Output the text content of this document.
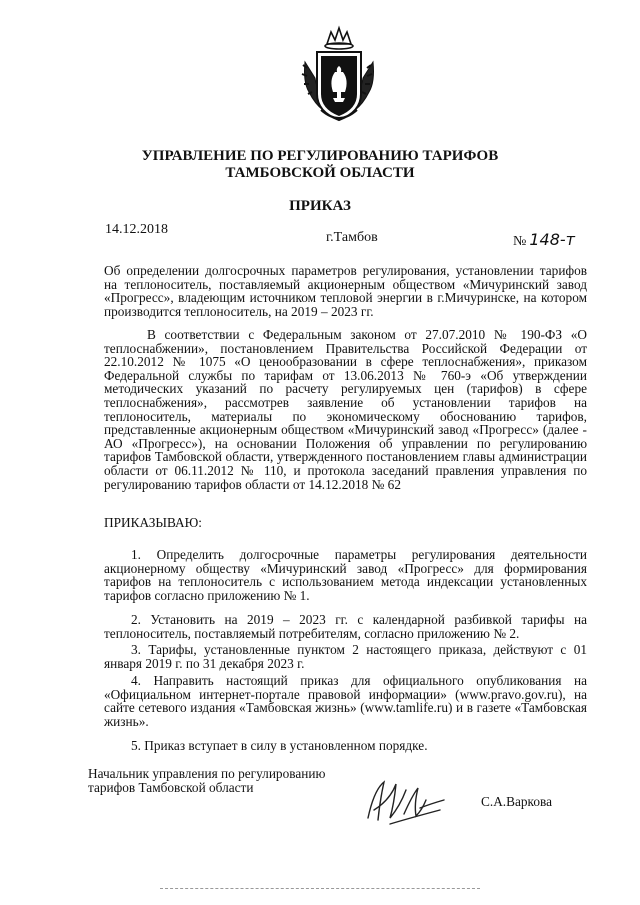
УПРАВЛЕНИЕ ПО РЕГУЛИРОВАНИЮ ТАРИФОВ
ТАМБОВСКОЙ ОБЛАСТИ
ПРИКАЗ
14.12.2018
г.Тамбов	№ 148-т

Об определении долгосрочных параметров регулирования, установлении тарифов на теплоноситель, поставляемый акционерным обществом «Мичуринский завод «Прогресс», владеющим источником тепловой энергии в г.Мичуринске, на котором производится теплоноситель, на 2019 – 2023 гг.

В соответствии с Федеральным законом от 27.07.2010 № 190-ФЗ «О теплоснабжении», постановлением Правительства Российской Федерации от 22.10.2012 № 1075 «О ценообразовании в сфере теплоснабжения», приказом Федеральной службы по тарифам от 13.06.2013 № 760-э «Об утверждении методических указаний по расчету регулируемых цен (тарифов) в сфере теплоснабжения», рассмотрев заявление об установлении тарифов на теплоноситель, материалы по экономическому обоснованию тарифов, представленные акционерным обществом «Мичуринский завод «Прогресс» (далее - АО «Прогресс»), на основании Положения об управлении по регулированию тарифов Тамбовской области, утвержденного постановлением главы администрации области от 06.11.2012 № 110, и протокола заседаний правления управления по регулированию тарифов области от 14.12.2018 № 62

ПРИКАЗЫВАЮ:

1. Определить долгосрочные параметры регулирования деятельности акционерному обществу «Мичуринский завод «Прогресс» для формирования тарифов на теплоноситель с использованием метода индексации установленных тарифов согласно приложению № 1.

2. Установить на 2019 – 2023 гг. с календарной разбивкой тарифы на теплоноситель, поставляемый потребителям, согласно приложению № 2.

3. Тарифы, установленные пунктом 2 настоящего приказа, действуют с 01 января 2019 г. по 31 декабря 2023 г.

4. Направить настоящий приказ для официального опубликования на «Официальном интернет-портале правовой информации» (www.pravo.gov.ru), на сайте сетевого издания «Тамбовская жизнь» (www.tamlife.ru) и в газете «Тамбовская жизнь».

5. Приказ вступает в силу в установленном порядке.

Начальник управления по регулированию
тарифов Тамбовской области
С.А.Варкова
